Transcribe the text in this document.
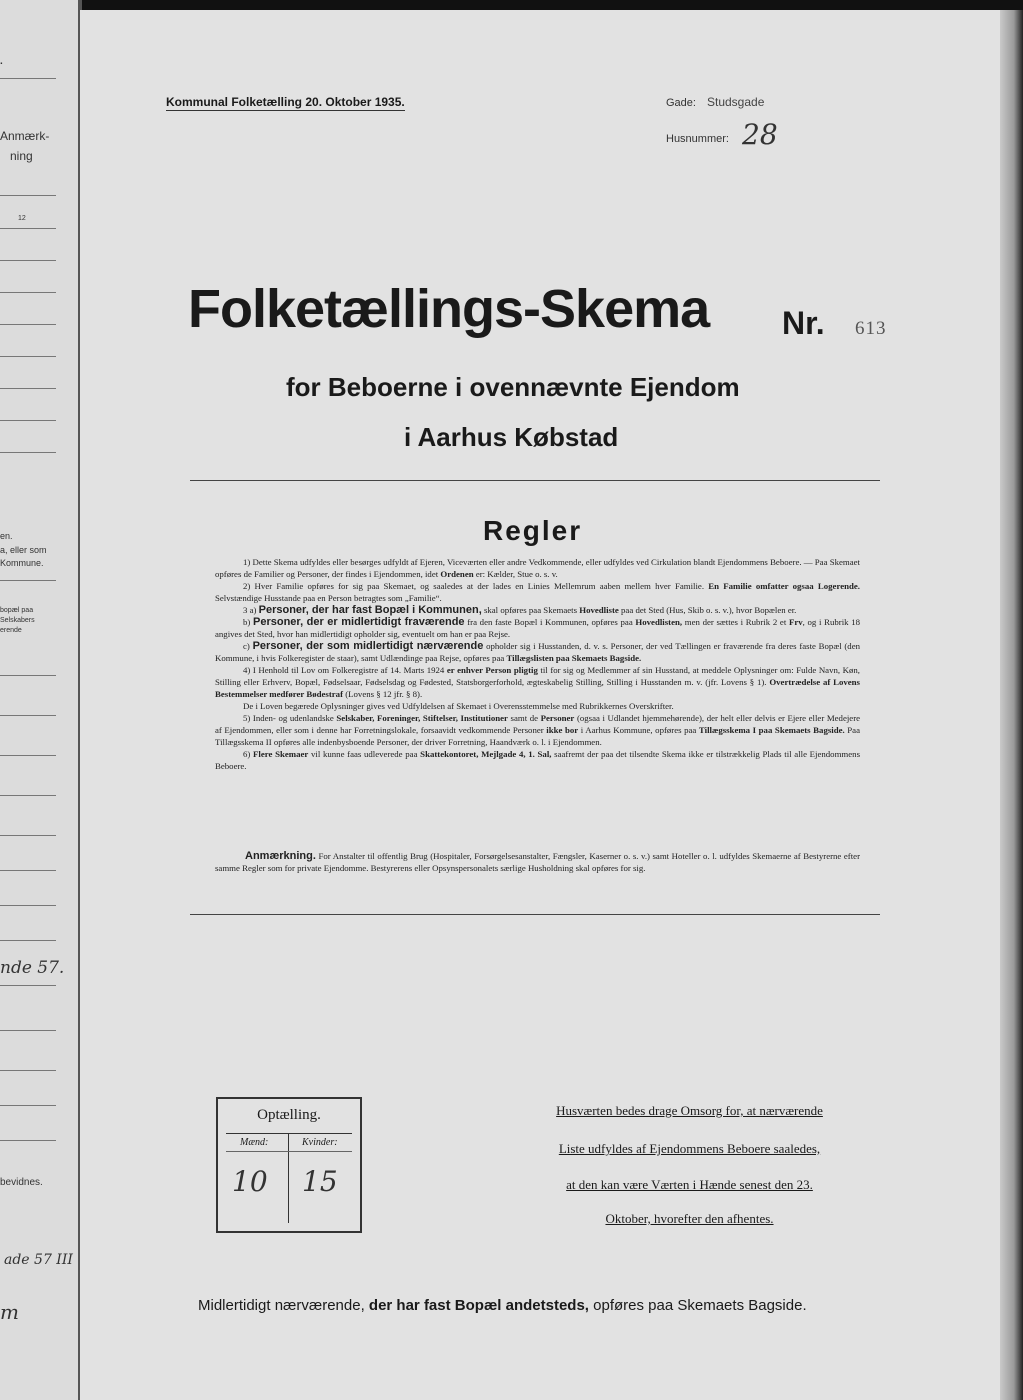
.
Anmærk-
ning
12
en.
a, eller som
Kommune.
bopæl paa
Selskabers
erende
nde 57.
bevidnes.
ade 57 III
m
Kommunal Folketælling 20. Oktober 1935.	Gade: Studsgade
Husnummer: 28
Folketællings-Skema Nr. 613
for Beboerne i ovennævnte Ejendom
i Aarhus Købstad
Regler

1) Dette Skema udfyldes eller besørges udfyldt af Ejeren, Viceværten eller andre Vedkommende, eller udfyldes ved Cirkulation blandt Ejendommens Beboere. — Paa Skemaet opføres de Familier og Personer, der findes i Ejendommen, idet Ordenen er: Kælder, Stue o. s. v.

2) Hver Familie opføres for sig paa Skemaet, og saaledes at der lades en Linies Mellemrum aaben mellem hver Familie. En Familie omfatter ogsaa Logerende. Selvstændige Husstande paa en Person betragtes som „Familie“.

3 a) Personer, der har fast Bopæl i Kommunen, skal opføres paa Skemaets Hovedliste paa det Sted (Hus, Skib o. s. v.), hvor Bopælen er.

b) Personer, der er midlertidigt fraværende fra den faste Bopæl i Kommunen, opføres paa Hovedlisten, men der sættes i Rubrik 2 et Frv, og i Rubrik 18 angives det Sted, hvor han midlertidigt opholder sig, eventuelt om han er paa Rejse.

c) Personer, der som midlertidigt nærværende opholder sig i Husstanden, d. v. s. Personer, der ved Tællingen er fraværende fra deres faste Bopæl (den Kommune, i hvis Folkeregister de staar), samt Udlændinge paa Rejse, opføres paa Tillægslisten paa Skemaets Bagside.

4) I Henhold til Lov om Folkeregistre af 14. Marts 1924 er enhver Person pligtig til for sig og Medlemmer af sin Husstand, at meddele Oplysninger om: Fulde Navn, Køn, Stilling eller Erhverv, Bopæl, Fødselsaar, Fødselsdag og Fødested, Statsborgerforhold, ægteskabelig Stilling, Stilling i Husstanden m. v. (jfr. Lovens § 1). Overtrædelse af Lovens Bestemmelser medfører Bødestraf (Lovens § 12 jfr. § 8).

De i Loven begærede Oplysninger gives ved Udfyldelsen af Skemaet i Overensstemmelse med Rubrikkernes Overskrifter.

5) Inden- og udenlandske Selskaber, Foreninger, Stiftelser, Institutioner samt de Personer (ogsaa i Udlandet hjemmehørende), der helt eller delvis er Ejere eller Medejere af Ejendommen, eller som i denne har Forretningslokale, forsaavidt vedkommende Personer ikke bor i Aarhus Kommune, opføres paa Tillægsskema I paa Skemaets Bagside. Paa Tillægsskema II opføres alle indenbysboende Personer, der driver Forretning, Haandværk o. l. i Ejendommen.

6) Flere Skemaer vil kunne faas udleverede paa Skattekontoret, Mejlgade 4, 1. Sal, saafremt der paa det tilsendte Skema ikke er tilstrækkelig Plads til alle Ejendommens Beboere.

Anmærkning. For Anstalter til offentlig Brug (Hospitaler, Forsørgelsesanstalter, Fængsler, Kaserner o. s. v.) samt Hoteller o. l. udfyldes Skemaerne af Bestyrerne efter samme Regler som for private Ejendomme. Bestyrerens eller Opsynspersonalets særlige Husholdning skal opføres for sig.

Optælling.
Mænd:	Kvinder:
10 15
Husværten bedes drage Omsorg for, at nærværende
Liste udfyldes af Ejendommens Beboere saaledes,
at den kan være Værten i Hænde senest den 23.
Oktober, hvorefter den afhentes.
Midlertidigt nærværende, der har fast Bopæl andetsteds, opføres paa Skemaets Bagside.
